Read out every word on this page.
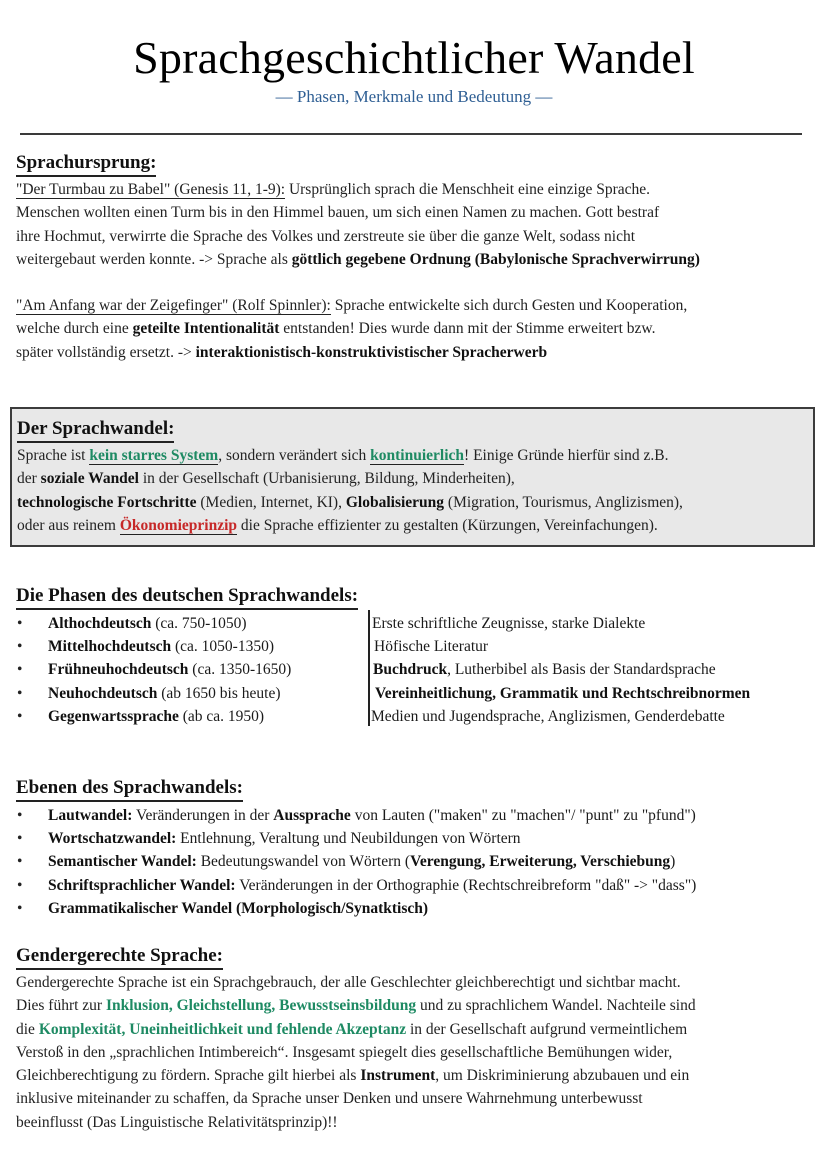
Sprachgeschichtlicher Wandel
— Phasen, Merkmale und Bedeutung —
Sprachursprung:

"Der Turmbau zu Babel" (Genesis 11, 1-9): Ursprünglich sprach die Menschheit eine einzige Sprache.
Menschen wollten einen Turm bis in den Himmel bauen, um sich einen Namen zu machen. Gott bestraf
ihre Hochmut, verwirrte die Sprache des Volkes und zerstreute sie über die ganze Welt, sodass nicht
weitergebaut werden konnte. -> Sprache als göttlich gegebene Ordnung (Babylonische Sprachverwirrung)

"Am Anfang war der Zeigefinger" (Rolf Spinnler): Sprache entwickelte sich durch Gesten und Kooperation,
welche durch eine geteilte Intentionalität entstanden! Dies wurde dann mit der Stimme erweitert bzw.
später vollständig ersetzt. -> interaktionistisch-konstruktivistischer Spracherwerb

Der Sprachwandel:

Sprache ist kein starres System, sondern verändert sich kontinuierlich! Einige Gründe hierfür sind z.B.
der soziale Wandel in der Gesellschaft (Urbanisierung, Bildung, Minderheiten),
technologische Fortschritte (Medien, Internet, KI), Globalisierung (Migration, Tourismus, Anglizismen),
oder aus reinem Ökonomieprinzip die Sprache effizienter zu gestalten (Kürzungen, Vereinfachungen).

Die Phasen des deutschen Sprachwandels:
• Althochdeutsch (ca. 750-1050)	Erste schriftliche Zeugnisse, starke Dialekte
• Mittelhochdeutsch (ca. 1050-1350)	Höfische Literatur
• Frühneuhochdeutsch (ca. 1350-1650)	Buchdruck, Lutherbibel als Basis der Standardsprache
• Neuhochdeutsch (ab 1650 bis heute)	Vereinheitlichung, Grammatik und Rechtschreibnormen
• Gegenwartssprache (ab ca. 1950)	Medien und Jugendsprache, Anglizismen, Genderdebatte
Ebenen des Sprachwandels:
• Lautwandel: Veränderungen in der Aussprache von Lauten ("maken" zu "machen"/ "punt" zu "pfund")
• Wortschatzwandel: Entlehnung, Veraltung und Neubildungen von Wörtern
• Semantischer Wandel: Bedeutungswandel von Wörtern (Verengung, Erweiterung, Verschiebung)
• Schriftsprachlicher Wandel: Veränderungen in der Orthographie (Rechtschreibreform "daß" -> "dass")
• Grammatikalischer Wandel (Morphologisch/Synatktisch)
Gendergerechte Sprache:

Gendergerechte Sprache ist ein Sprachgebrauch, der alle Geschlechter gleichberechtigt und sichtbar macht.
Dies führt zur Inklusion, Gleichstellung, Bewusstseinsbildung und zu sprachlichem Wandel. Nachteile sind
die Komplexität, Uneinheitlichkeit und fehlende Akzeptanz in der Gesellschaft aufgrund vermeintlichem
Verstoß in den „sprachlichen Intimbereich“. Insgesamt spiegelt dies gesellschaftliche Bemühungen wider,
Gleichberechtigung zu fördern. Sprache gilt hierbei als Instrument, um Diskriminierung abzubauen und ein
inklusive miteinander zu schaffen, da Sprache unser Denken und unsere Wahrnehmung unterbewusst
beeinflusst (Das Linguistische Relativitätsprinzip)!!
